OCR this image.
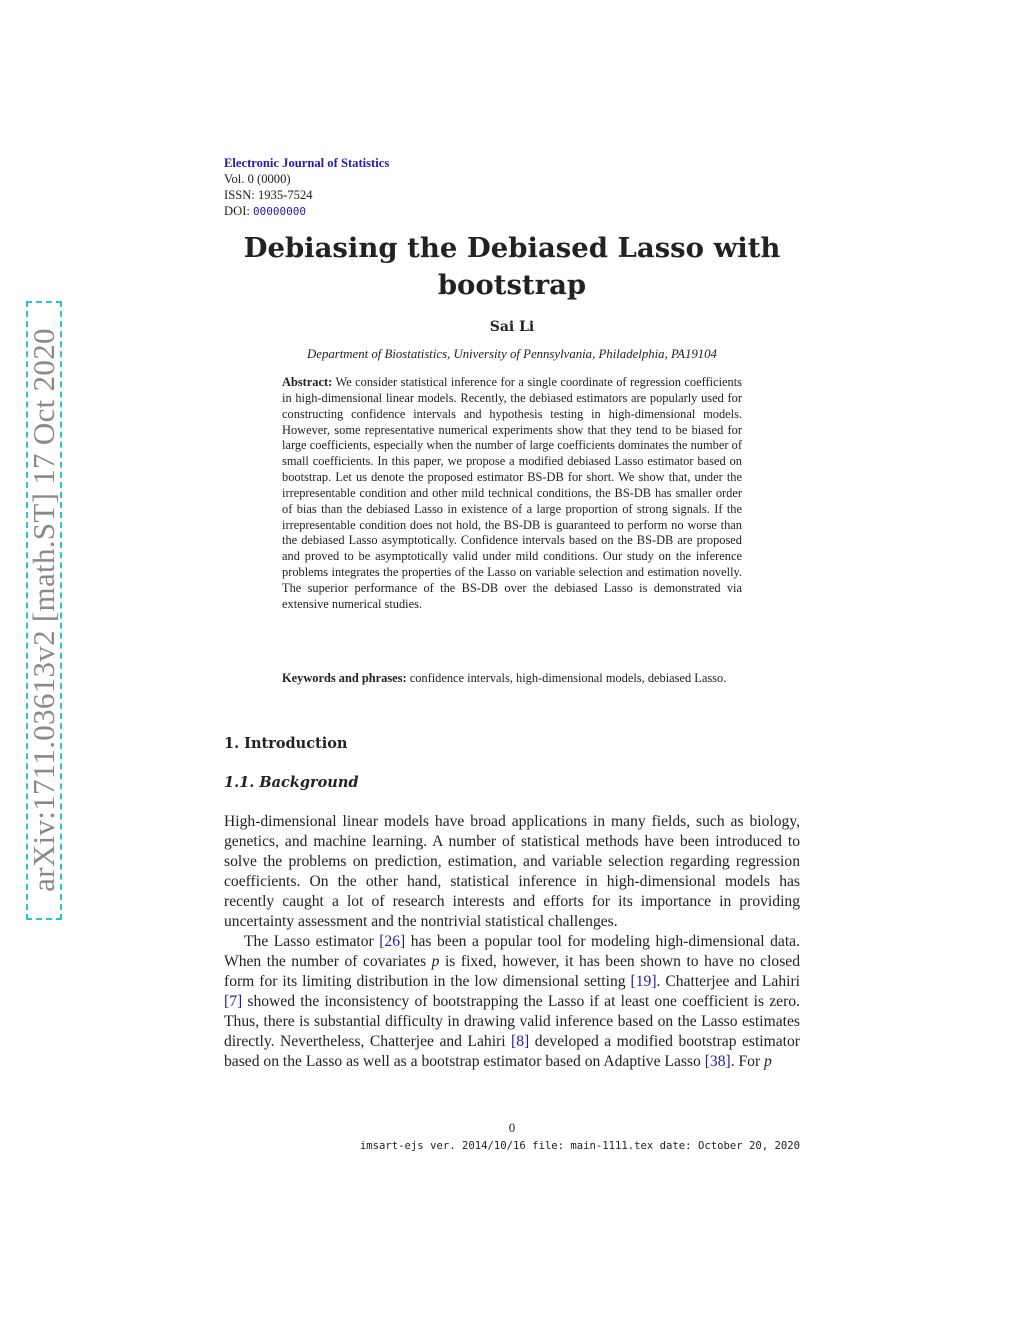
arXiv:1711.03613v2 [math.ST] 17 Oct 2020
Electronic Journal of Statistics
Vol. 0 (0000)
ISSN: 1935-7524
DOI: 00000000
Debiasing the Debiased Lasso with bootstrap
Sai Li
Department of Biostatistics, University of Pennsylvania, Philadelphia, PA19104
Abstract: We consider statistical inference for a single coordinate of regression coefficients in high-dimensional linear models. Recently, the debiased estimators are popularly used for constructing confidence intervals and hypothesis testing in high-dimensional models. However, some representative numerical experiments show that they tend to be biased for large coefficients, especially when the number of large coefficients dominates the number of small coefficients. In this paper, we propose a modified debiased Lasso estimator based on bootstrap. Let us denote the proposed estimator BS-DB for short. We show that, under the irrepresentable condition and other mild technical conditions, the BS-DB has smaller order of bias than the debiased Lasso in existence of a large proportion of strong signals. If the irrepresentable condition does not hold, the BS-DB is guaranteed to perform no worse than the debiased Lasso asymptotically. Confidence intervals based on the BS-DB are proposed and proved to be asymptotically valid under mild conditions. Our study on the inference problems integrates the properties of the Lasso on variable selection and estimation novelly. The superior performance of the BS-DB over the debiased Lasso is demonstrated via extensive numerical studies.
Keywords and phrases: confidence intervals, high-dimensional models, debiased Lasso.
1. Introduction
1.1. Background

High-dimensional linear models have broad applications in many fields, such as biology, genetics, and machine learning. A number of statistical methods have been introduced to solve the problems on prediction, estimation, and variable selection regarding regression coefficients. On the other hand, statistical inference in high-dimensional models has recently caught a lot of research interests and efforts for its importance in providing uncertainty assessment and the nontrivial statistical challenges.

The Lasso estimator [26] has been a popular tool for modeling high-dimensional data. When the number of covariates p is fixed, however, it has been shown to have no closed form for its limiting distribution in the low dimensional setting [19]. Chatterjee and Lahiri [7] showed the inconsistency of bootstrapping the Lasso if at least one coefficient is zero. Thus, there is substantial difficulty in drawing valid inference based on the Lasso estimates directly. Nevertheless, Chatterjee and Lahiri [8] developed a modified bootstrap estimator based on the Lasso as well as a bootstrap estimator based on Adaptive Lasso [38]. For p

0
imsart-ejs ver. 2014/10/16 file: main-1111.tex date: October 20, 2020
